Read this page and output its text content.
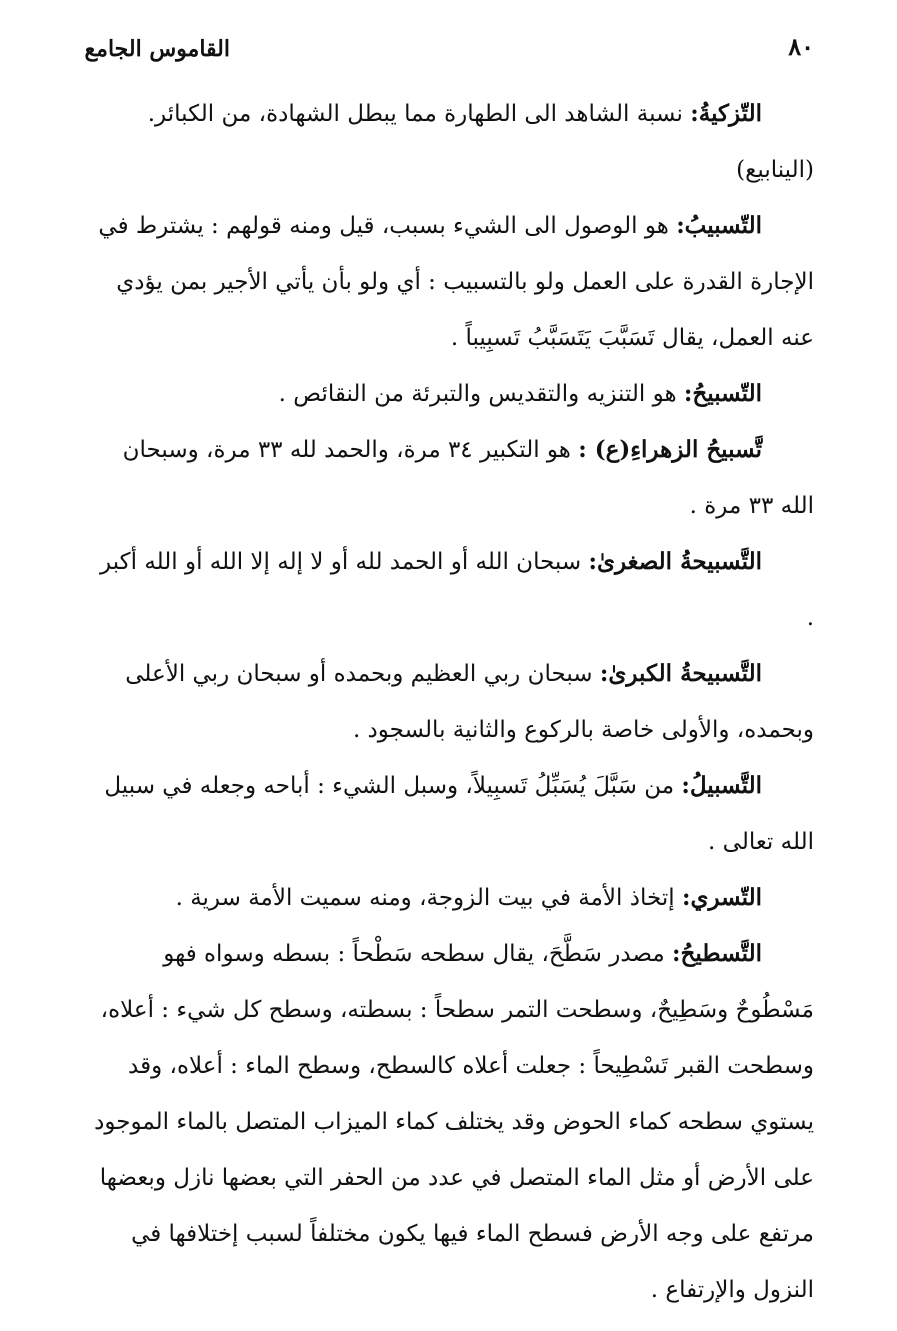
٨٠
القاموس الجامع

التّزكيةُ: نسبة الشاهد الى الطهارة مما يبطل الشهادة، من الكبائر. (الينابيع)

التّسبيبُ: هو الوصول الى الشيء بسبب، قيل ومنه قولهم : يشترط في الإجارة القدرة على العمل ولو بالتسبيب : أي ولو بأن يأتي الأجير بمن يؤدي عنه العمل، يقال تَسَبَّبَ يَتَسَبَّبُ تَسبِيباً .

التّسبيحُ: هو التنزيه والتقديس والتبرئة من النقائص .

تَّسبيحُ الزهراءِ(ع) : هو التكبير ٣٤ مرة، والحمد لله ٣٣ مرة، وسبحان الله ٣٣ مرة .

التَّسبيحةُ الصغرىٰ: سبحان الله أو الحمد لله أو لا إله إلا الله أو الله أكبر .

التَّسبيحةُ الكبرىٰ: سبحان ربي العظيم وبحمده أو سبحان ربي الأعلى وبحمده، والأولى خاصة بالركوع والثانية بالسجود .

التَّسبيلُ: من سَبَّلَ يُسَبِّلُ تَسبِيلاً، وسبل الشيء : أباحه وجعله في سبيل الله تعالى .

التّسري: إتخاذ الأمة في بيت الزوجة، ومنه سميت الأمة سرية .

التَّسطيحُ: مصدر سَطَّحَ، يقال سطحه سَطْحاً : بسطه وسواه فهو مَسْطُوحٌ وسَطِيحٌ، وسطحت التمر سطحاً : بسطته، وسطح كل شيء : أعلاه، وسطحت القبر تَسْطِيحاً : جعلت أعلاه كالسطح، وسطح الماء : أعلاه، وقد يستوي سطحه كماء الحوض وقد يختلف كماء الميزاب المتصل بالماء الموجود على الأرض أو مثل الماء المتصل في عدد من الحفر التي بعضها نازل وبعضها مرتفع على وجه الأرض فسطح الماء فيها يكون مختلفاً لسبب إختلافها في النزول والإرتفاع .
